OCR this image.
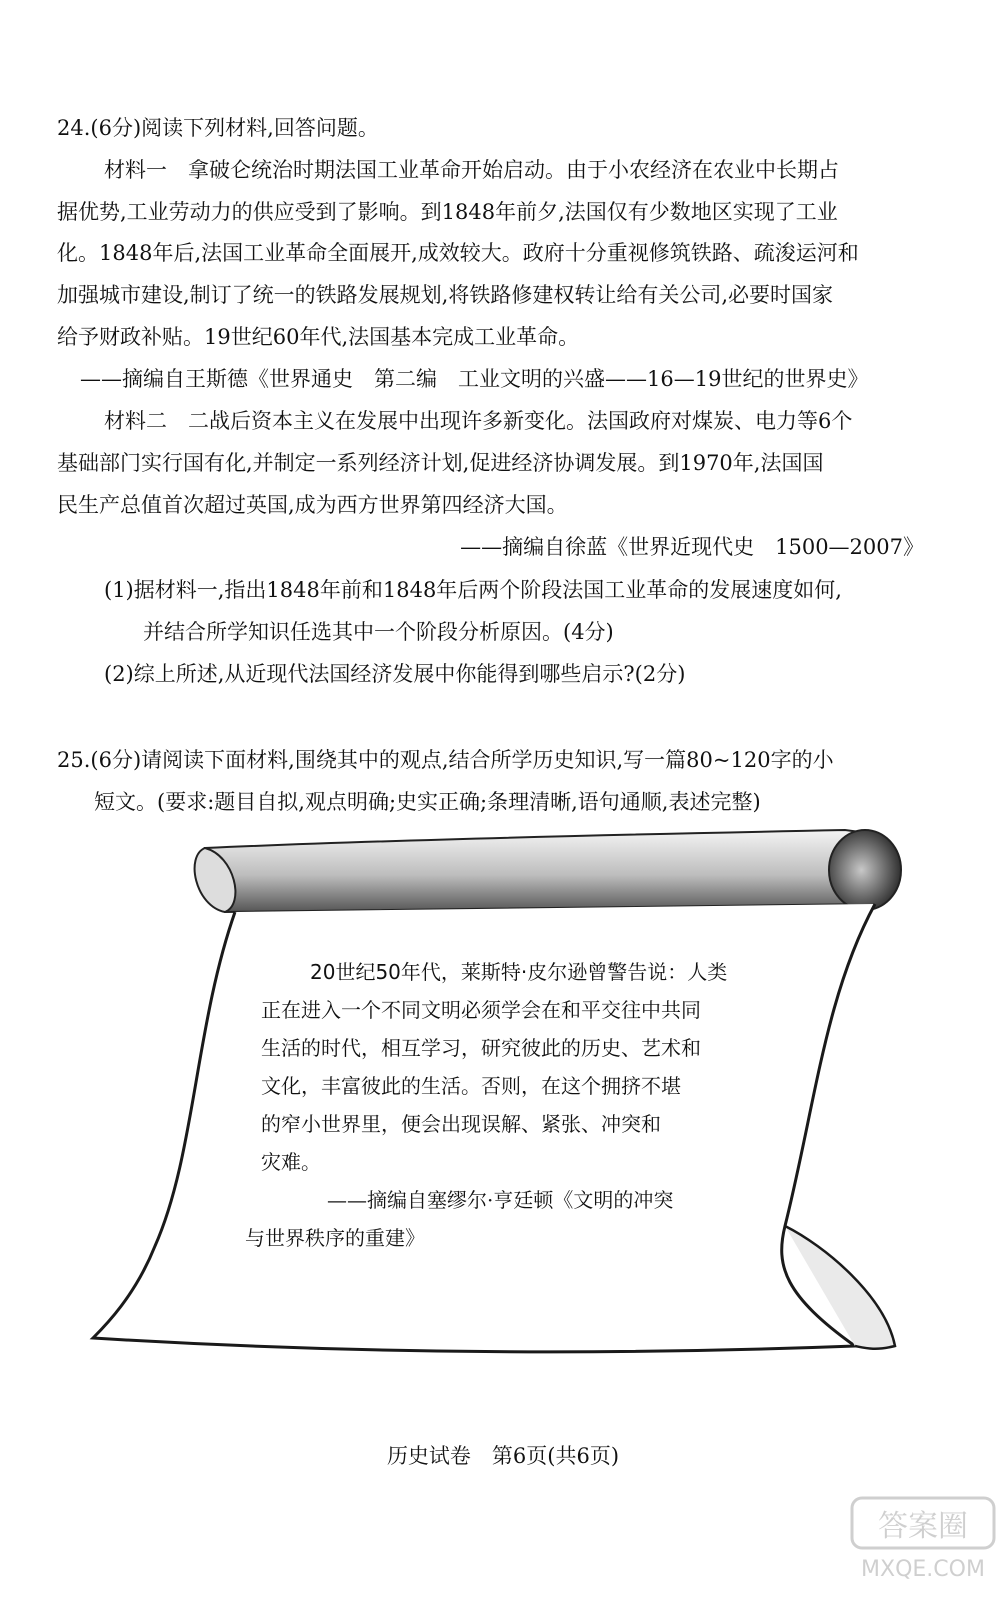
24.(6分)阅读下列材料,回答问题。
材料一　拿破仑统治时期法国工业革命开始启动。由于小农经济在农业中长期占
据优势,工业劳动力的供应受到了影响。到1848年前夕,法国仅有少数地区实现了工业
化。1848年后,法国工业革命全面展开,成效较大。政府十分重视修筑铁路、疏浚运河和
加强城市建设,制订了统一的铁路发展规划,将铁路修建权转让给有关公司,必要时国家
给予财政补贴。19世纪60年代,法国基本完成工业革命。
——摘编自王斯德《世界通史　第二编　工业文明的兴盛——16—19世纪的世界史》
材料二　二战后资本主义在发展中出现许多新变化。法国政府对煤炭、电力等6个
基础部门实行国有化,并制定一系列经济计划,促进经济协调发展。到1970年,法国国
民生产总值首次超过英国,成为西方世界第四经济大国。
——摘编自徐蓝《世界近现代史　1500—2007》
(1)据材料一,指出1848年前和1848年后两个阶段法国工业革命的发展速度如何,
并结合所学知识任选其中一个阶段分析原因。(4分)
(2)综上所述,从近现代法国经济发展中你能得到哪些启示?(2分)
25.(6分)请阅读下面材料,围绕其中的观点,结合所学历史知识,写一篇80~120字的小
短文。(要求:题目自拟,观点明确;史实正确;条理清晰,语句通顺,表述完整)
20世纪50年代，莱斯特·皮尔逊曾警告说：人类
正在进入一个不同文明必须学会在和平交往中共同
生活的时代，相互学习，研究彼此的历史、艺术和
文化，丰富彼此的生活。否则，在这个拥挤不堪
的窄小世界里，便会出现误解、紧张、冲突和
灾难。
——摘编自塞缪尔·亨廷顿《文明的冲突
与世界秩序的重建》
历史试卷　第6页(共6页)
答案圈
MXQE.COM
